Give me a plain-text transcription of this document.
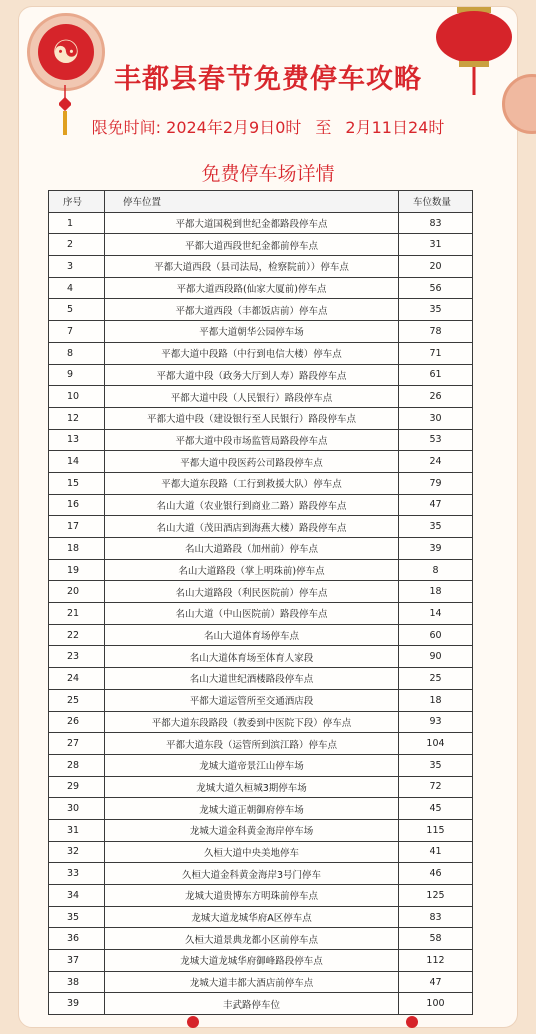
☯
丰都县春节免费停车攻略
限免时间: 2024年2月9日0时 至 2月11日24时
免费停车场详情
序号	停车位置	车位数量
1	平都大道国税到世纪金都路段停车点	83
2	平都大道西段世纪金都前停车点	31
3	平都大道西段（县司法局，检察院前））停车点	20
4	平都大道西段路(仙家大厦前)停车点	56
5	平都大道西段（丰都饭店前）停车点	35
7	平都大道朝华公园停车场	78
8	平都大道中段路（中行到电信大楼）停车点	71
9	平都大道中段（政务大厅到人寿）路段停车点	61
10	平都大道中段（人民银行）路段停车点	26
12	平都大道中段（建设银行至人民银行）路段停车点	30
13	平都大道中段市场监管局路段停车点	53
14	平都大道中段医药公司路段停车点	24
15	平都大道东段路（工行到救援大队）停车点	79
16	名山大道（农业银行到商业二路）路段停车点	47
17	名山大道（茂田酒店到海燕大楼）路段停车点	35
18	名山大道路段（加州前）停车点	39
19	名山大道路段（掌上明珠前)停车点	8
20	名山大道路段（利民医院前）停车点	18
21	名山大道（中山医院前）路段停车点	14
22	名山大道体育场停车点	60
23	名山大道体育场至体育人家段	90
24	名山大道世纪酒楼路段停车点	25
25	平都大道运管所至交通酒店段	18
26	平都大道东段路段（教委到中医院下段）停车点	93
27	平都大道东段（运管所到滨江路）停车点	104
28	龙城大道帝景江山停车场	35
29	龙城大道久桓城3期停车场	72
30	龙城大道正朝御府停车场	45
31	龙城大道金科黄金海岸停车场	115
32	久桓大道中央美地停车	41
33	久桓大道金科黄金海岸3号门停车	46
34	龙城大道贵博东方明珠前停车点	125
35	龙城大道龙城华府A区停车点	83
36	久桓大道景典龙都小区前停车点	58
37	龙城大道龙城华府御峰路段停车点	112
38	龙城大道丰都大酒店前停车点	47
39	丰武路停车位	100
